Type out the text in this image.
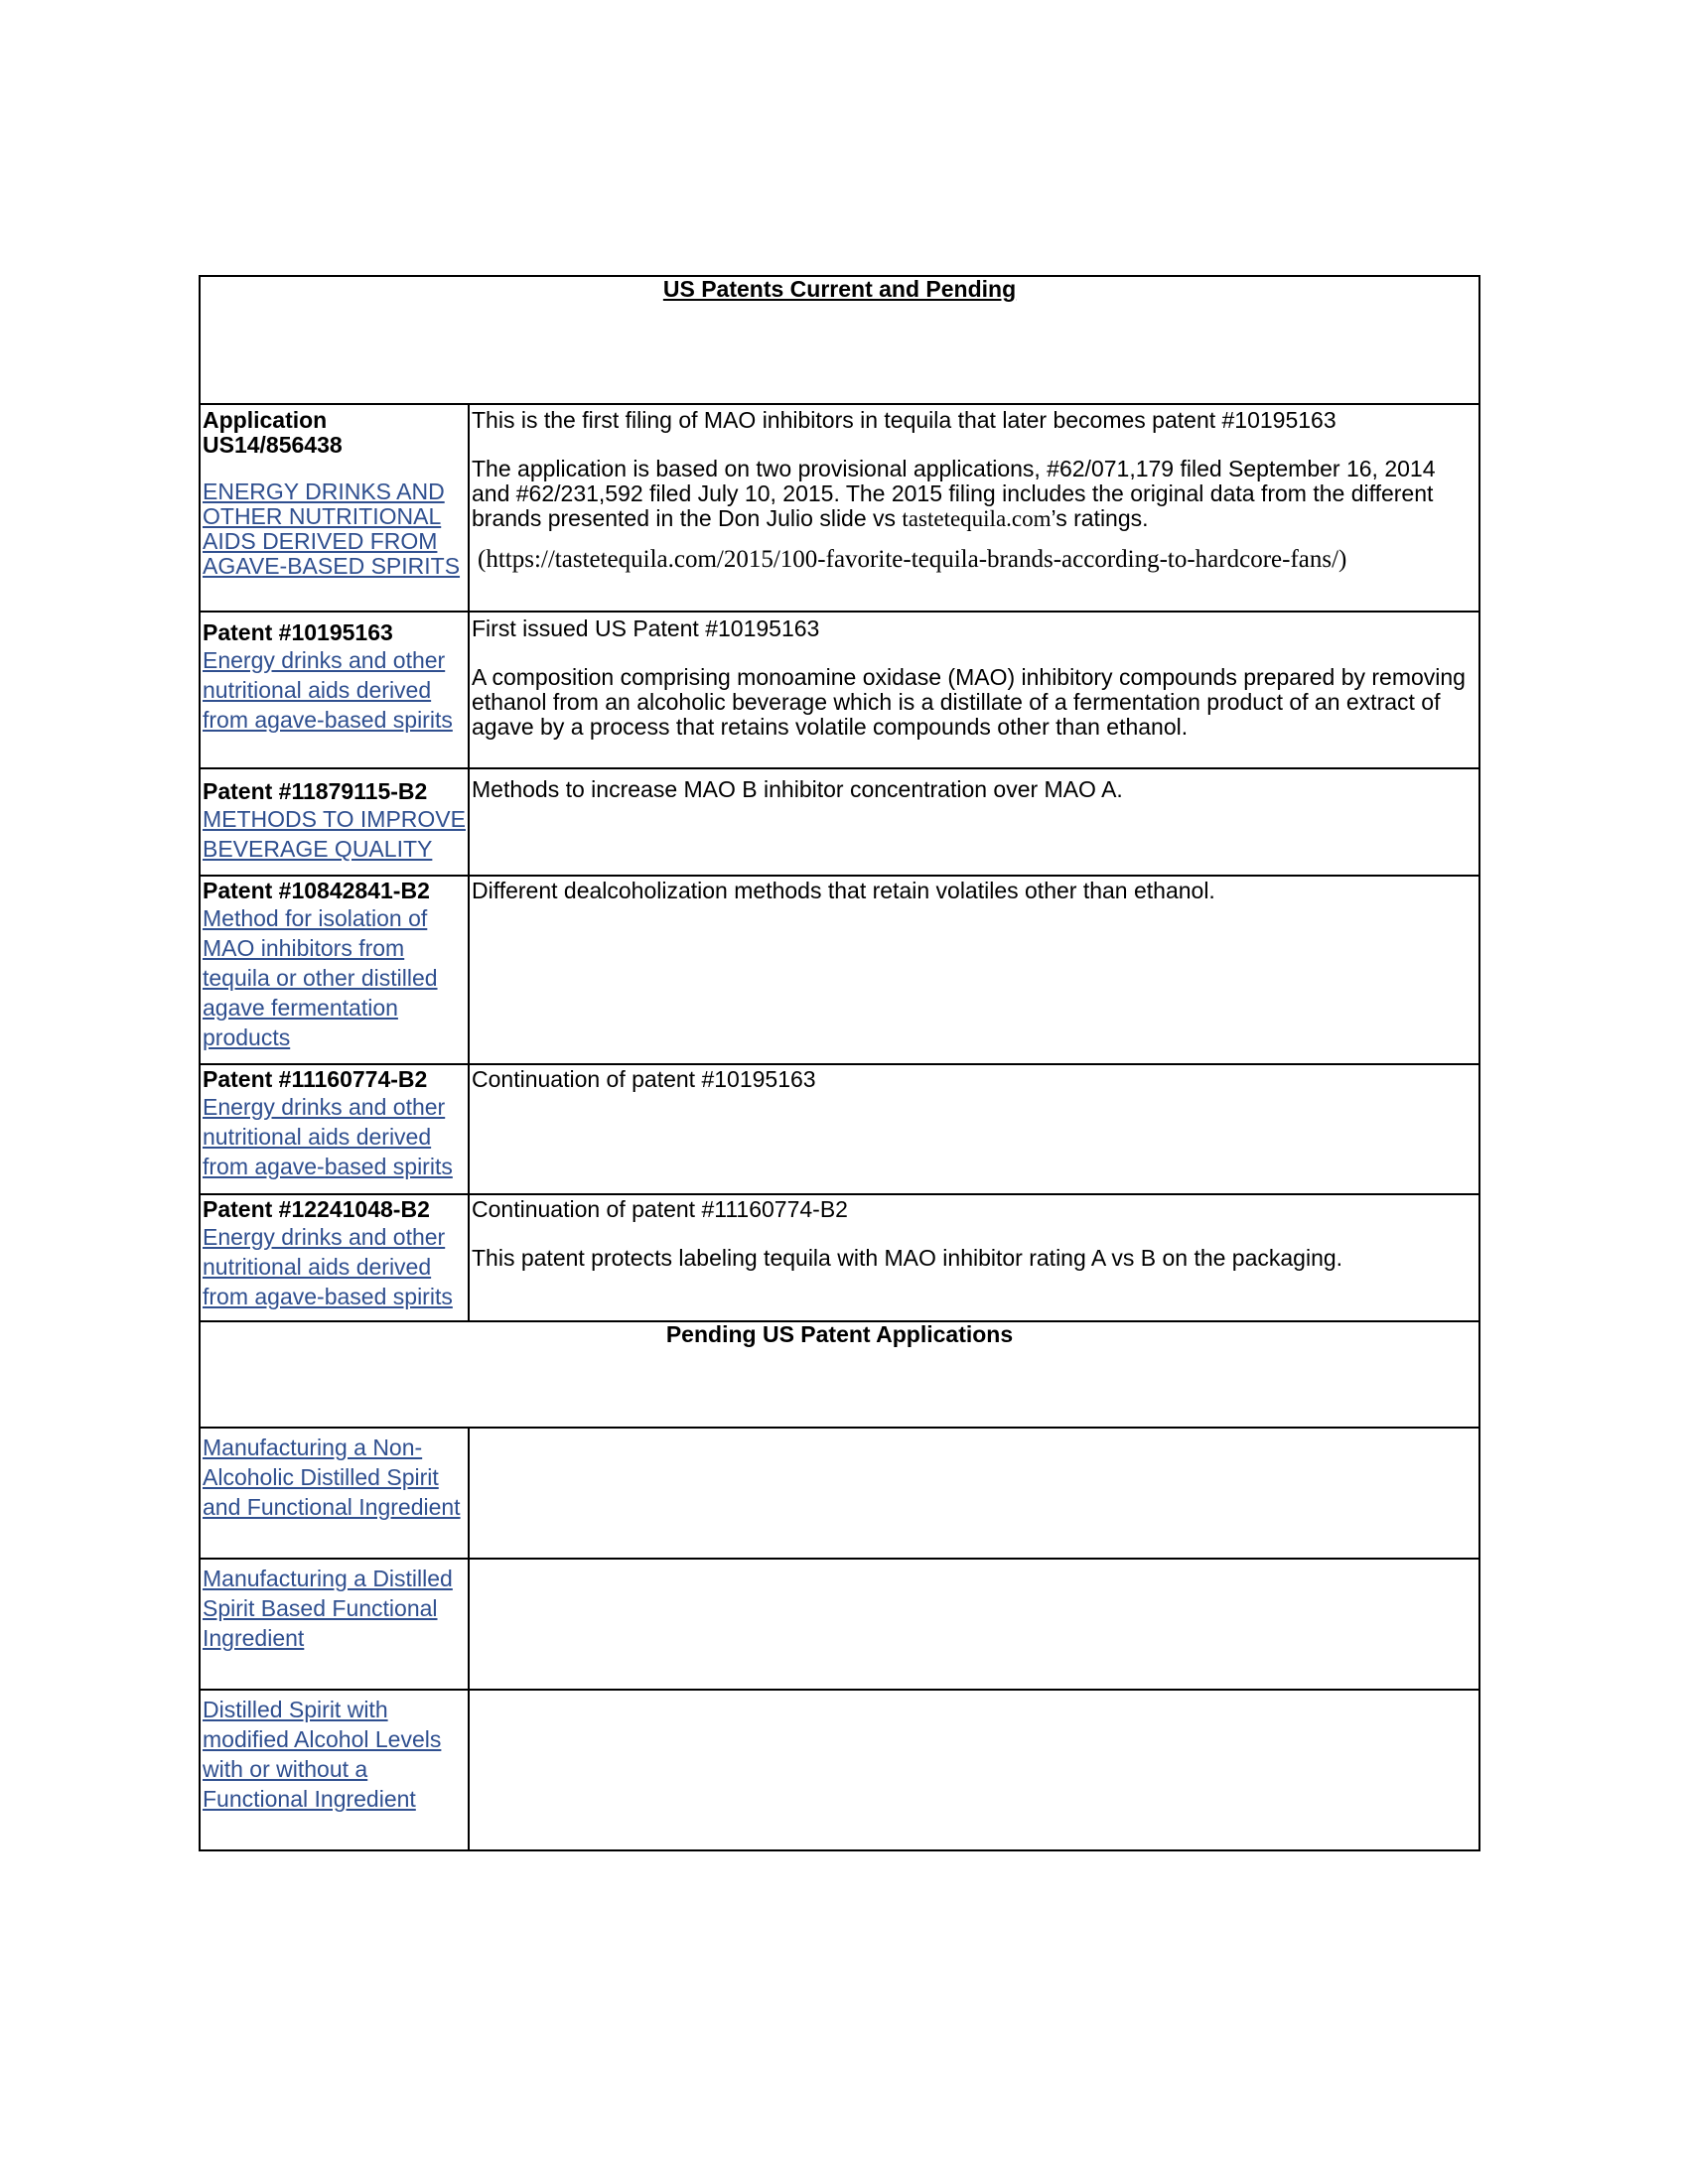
US Patents Current and Pending	

Application US14/856438
ENERGY DRINKS AND OTHER NUTRITIONAL AIDS DERIVED FROM AGAVE-BASED SPIRITS	This is the first filing of MAO inhibitors in tequila that later becomes patent #10195163
The application is based on two provisional applications, #62/071,179 filed September 16, 2014 and #62/231,592 filed July 10, 2015. The 2015 filing includes the original data from the different brands presented in the Don Julio slide vs tastetequila.com’s ratings.
(https://tastetequila.com/2015/100-favorite-tequila-brands-according-to-hardcore-fans/)

Patent #10195163
Energy drinks and other nutritional aids derived from agave-based spirits	First issued US Patent #10195163
A composition comprising monoamine oxidase (MAO) inhibitory compounds prepared by removing ethanol from an alcoholic beverage which is a distillate of a fermentation product of an extract of agave by a process that retains volatile compounds other than ethanol.

Patent #11879115-B2
METHODS TO IMPROVE BEVERAGE QUALITY	Methods to increase MAO B inhibitor concentration over MAO A.

Patent #10842841-B2
Method for isolation of MAO inhibitors from tequila or other distilled agave fermentation products	Different dealcoholization methods that retain volatiles other than ethanol.

Patent #11160774-B2
Energy drinks and other nutritional aids derived from agave-based spirits	Continuation of patent #10195163

Patent #12241048-B2
Energy drinks and other nutritional aids derived from agave-based spirits	Continuation of patent #11160774-B2
This patent protects labeling tequila with MAO inhibitor rating A vs B on the packaging.

Pending US Patent Applications	

Manufacturing a Non-Alcoholic Distilled Spirit and Functional Ingredient	

Manufacturing a Distilled Spirit Based Functional Ingredient	

Distilled Spirit with modified Alcohol Levels with or without a Functional Ingredient	
